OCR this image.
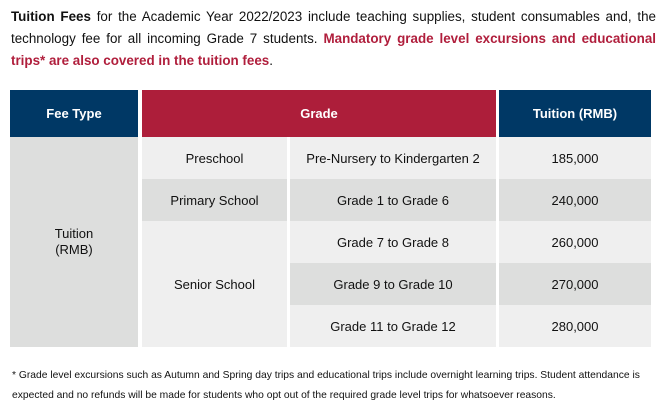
Tuition Fees for the Academic Year 2022/2023 include teaching supplies, student consumables and, the technology fee for all incoming Grade 7 students. Mandatory grade level excursions and educational trips* are also covered in the tuition fees.
Fee Type	Grade	Tuition (RMB)
Tuition
(RMB)
Preschool
Primary School
Senior School
Pre-Nursery to Kindergarten 2
Grade 1 to Grade 6
Grade 7 to Grade 8
Grade 9 to Grade 10
Grade 11 to Grade 12
185,000
240,000
260,000
270,000
280,000
* Grade level excursions such as Autumn and Spring day trips and educational trips include overnight learning trips. Student attendance is expected and no refunds will be made for students who opt out of the required grade level trips for whatsoever reasons.
